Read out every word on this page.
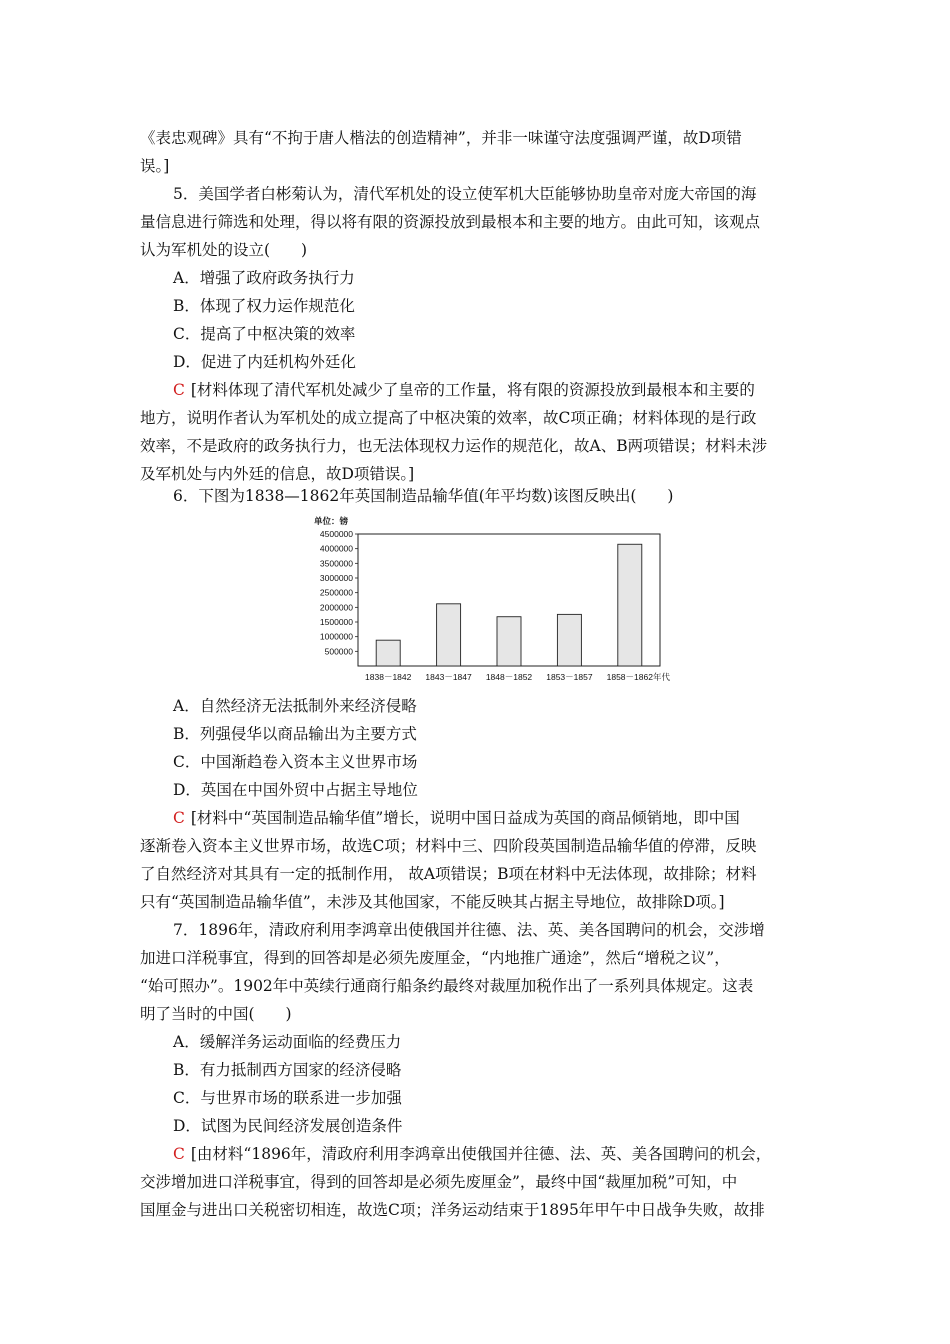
《表忠观碑》具有“不拘于唐人楷法的创造精神”，并非一味谨守法度强调严谨，故D项错
误。]
5．美国学者白彬菊认为，清代军机处的设立使军机大臣能够协助皇帝对庞大帝国的海
量信息进行筛选和处理，得以将有限的资源投放到最根本和主要的地方。由此可知，该观点
认为军机处的设立(　　)
A．增强了政府政务执行力
B．体现了权力运作规范化
C．提高了中枢决策的效率
D．促进了内廷机构外廷化
C [材料体现了清代军机处减少了皇帝的工作量，将有限的资源投放到最根本和主要的
地方，说明作者认为军机处的成立提高了中枢决策的效率，故C项正确；材料体现的是行政
效率，不是政府的政务执行力，也无法体现权力运作的规范化，故A、B两项错误；材料未涉
及军机处与内外廷的信息，故D项错误。]
6．下图为1838—1862年英国制造品输华值(年平均数)该图反映出(　　)
单位：镑
500000
1000000
1500000
2000000
2500000
3000000
3500000
4000000
4500000
1838－1842 1843－1847 1848－1852 1853－1857 1858－1862 年代
A．自然经济无法抵制外来经济侵略
B．列强侵华以商品输出为主要方式
C．中国渐趋卷入资本主义世界市场
D．英国在中国外贸中占据主导地位
C [材料中“英国制造品输华值”增长，说明中国日益成为英国的商品倾销地，即中国
逐渐卷入资本主义世界市场，故选C项；材料中三、四阶段英国制造品输华值的停滞，反映
了自然经济对其具有一定的抵制作用， 故A项错误；B项在材料中无法体现，故排除；材料
只有“英国制造品输华值”，未涉及其他国家，不能反映其占据主导地位，故排除D项。]
7．1896年，清政府利用李鸿章出使俄国并往德、法、英、美各国聘问的机会，交涉增
加进口洋税事宜，得到的回答却是必须先废厘金，“内地推广通途”，然后“增税之议”，
“始可照办”。1902年中英续行通商行船条约最终对裁厘加税作出了一系列具体规定。这表
明了当时的中国(　　)
A．缓解洋务运动面临的经费压力
B．有力抵制西方国家的经济侵略
C．与世界市场的联系进一步加强
D．试图为民间经济发展创造条件
C [由材料“1896年，清政府利用李鸿章出使俄国并往德、法、英、美各国聘问的机会，
交涉增加进口洋税事宜，得到的回答却是必须先废厘金”，最终中国“裁厘加税”可知，中
国厘金与进出口关税密切相连，故选C项；洋务运动结束于1895年甲午中日战争失败，故排
